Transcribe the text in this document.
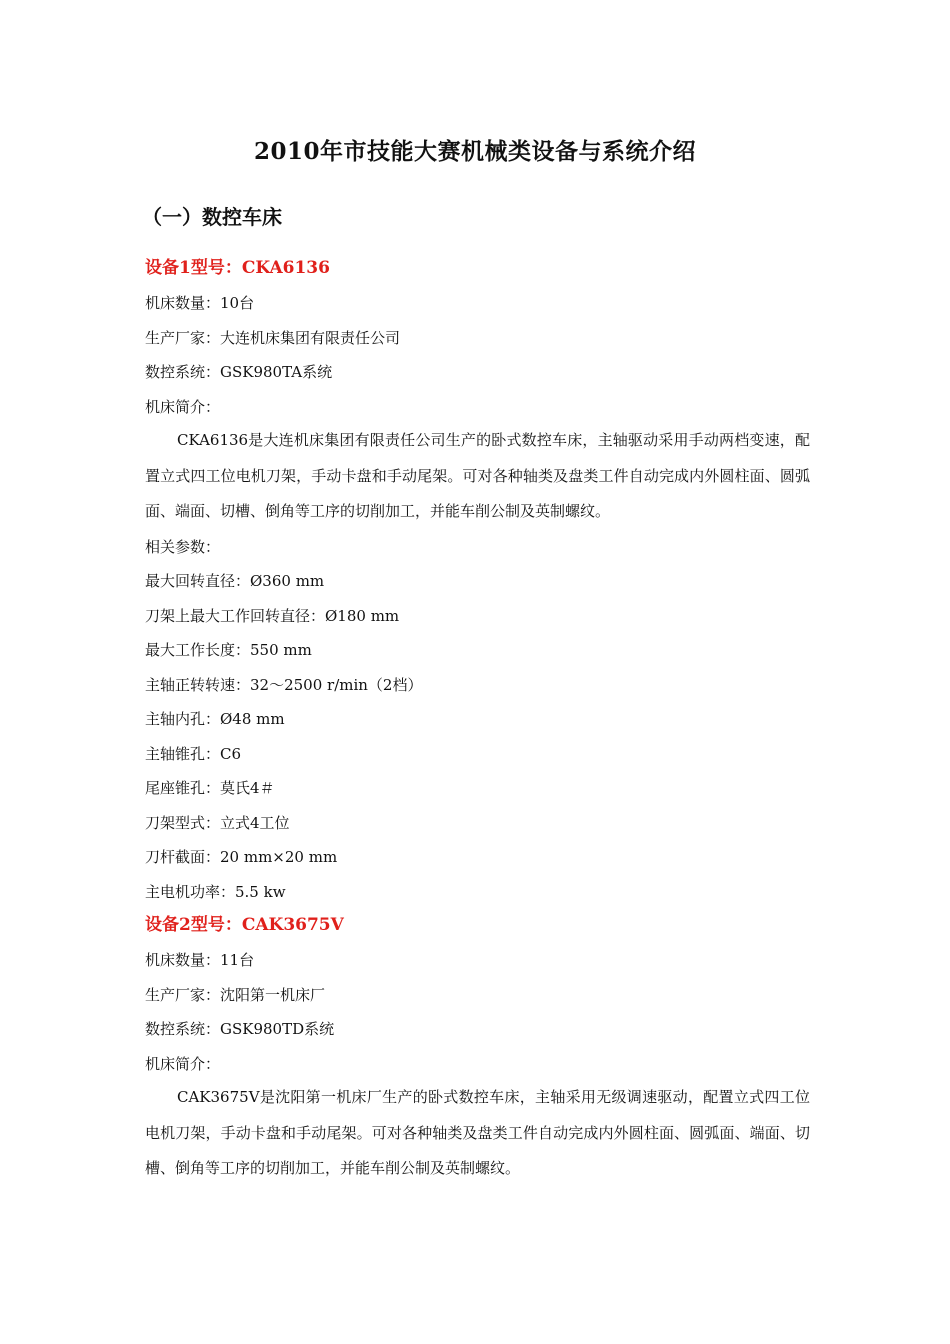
2010年市技能大赛机械类设备与系统介绍
（一）数控车床
设备1型号：CKA6136
机床数量：10台
生产厂家：大连机床集团有限责任公司
数控系统：GSK980TA系统
机床简介：
CKA6136是大连机床集团有限责任公司生产的卧式数控车床，主轴驱动采用手动两档变速，配置立式四工位电机刀架，手动卡盘和手动尾架。可对各种轴类及盘类工件自动完成内外圆柱面、圆弧面、端面、切槽、倒角等工序的切削加工，并能车削公制及英制螺纹。
相关参数：
最大回转直径：Ø360 mm
刀架上最大工作回转直径：Ø180 mm
最大工作长度：550 mm
主轴正转转速：32～2500 r/min（2档）
主轴内孔：Ø48 mm
主轴锥孔：C6
尾座锥孔：莫氏4＃
刀架型式：立式4工位
刀杆截面：20 mm×20 mm
主电机功率：5.5 kw
设备2型号：CAK3675V
机床数量：11台
生产厂家：沈阳第一机床厂
数控系统：GSK980TD系统
机床简介：
CAK3675V是沈阳第一机床厂生产的卧式数控车床，主轴采用无级调速驱动，配置立式四工位电机刀架，手动卡盘和手动尾架。可对各种轴类及盘类工件自动完成内外圆柱面、圆弧面、端面、切槽、倒角等工序的切削加工，并能车削公制及英制螺纹。
